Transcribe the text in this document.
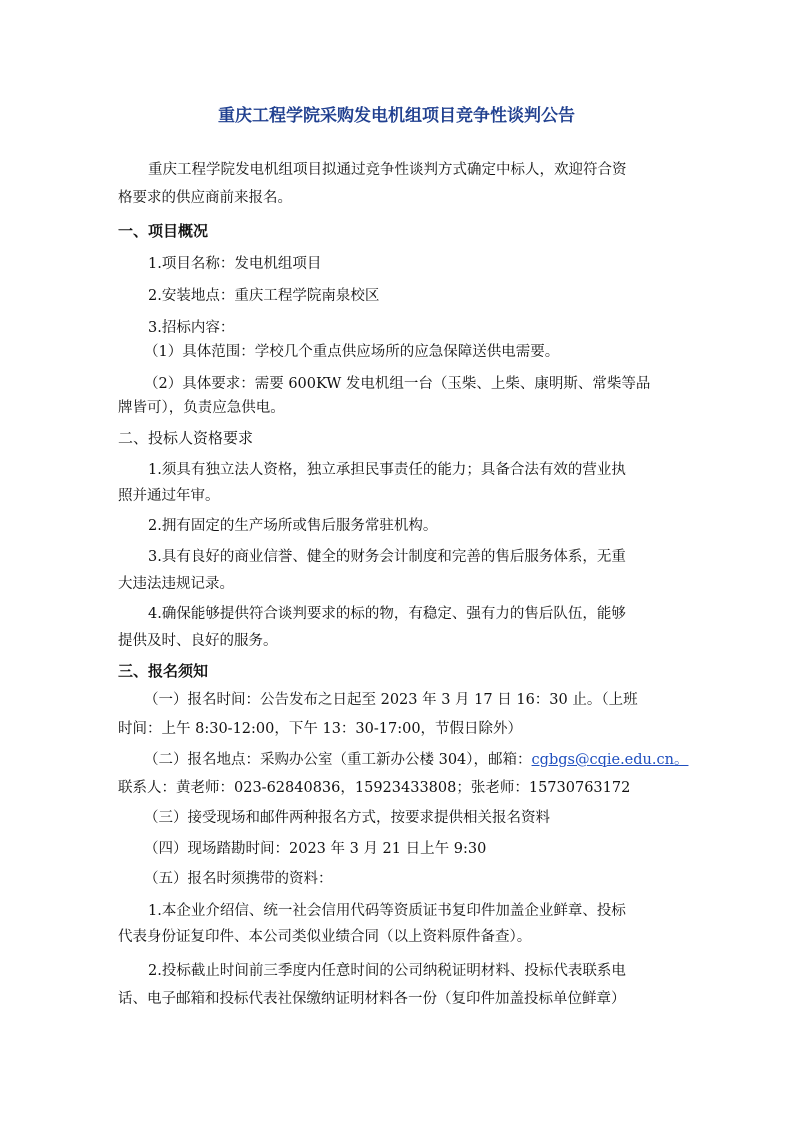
重庆工程学院采购发电机组项目竞争性谈判公告
重庆工程学院发电机组项目拟通过竞争性谈判方式确定中标人，欢迎符合资
格要求的供应商前来报名。
一、项目概况
1.项目名称：发电机组项目
2.安装地点：重庆工程学院南泉校区
3.招标内容：
（1）具体范围：学校几个重点供应场所的应急保障送供电需要。
（2）具体要求：需要 600KW 发电机组一台（玉柴、上柴、康明斯、常柴等品
牌皆可），负责应急供电。
二、投标人资格要求
1.须具有独立法人资格，独立承担民事责任的能力；具备合法有效的营业执
照并通过年审。
2.拥有固定的生产场所或售后服务常驻机构。
3.具有良好的商业信誉、健全的财务会计制度和完善的售后服务体系，无重
大违法违规记录。
4.确保能够提供符合谈判要求的标的物，有稳定、强有力的售后队伍，能够
提供及时、良好的服务。
三、报名须知
（一）报名时间：公告发布之日起至 2023 年 3 月 17 日 16：30 止。（上班
时间：上午 8:30-12:00，下午 13：30-17:00，节假日除外）
（二）报名地点：采购办公室（重工新办公楼 304），邮箱：cgbgs@cqie.edu.cn。
联系人：黄老师：023-62840836，15923433808；张老师：15730763172
（三）接受现场和邮件两种报名方式，按要求提供相关报名资料
（四）现场踏勘时间：2023 年 3 月 21 日上午 9:30
（五）报名时须携带的资料：
1.本企业介绍信、统一社会信用代码等资质证书复印件加盖企业鲜章、投标
代表身份证复印件、本公司类似业绩合同（以上资料原件备查）。
2.投标截止时间前三季度内任意时间的公司纳税证明材料、投标代表联系电
话、电子邮箱和投标代表社保缴纳证明材料各一份（复印件加盖投标单位鲜章）
